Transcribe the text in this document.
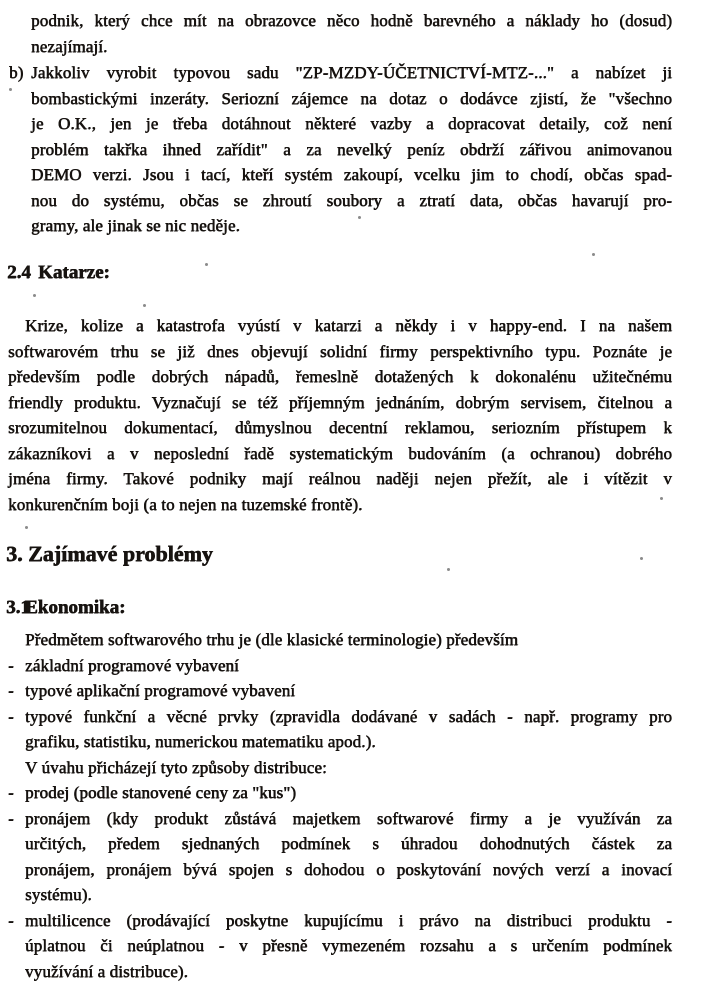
podnik, který chce mít na obrazovce něco hodně barevného a náklady ho (dosud)
nezajímají.
b) Jakkoliv vyrobit typovou sadu "ZP-MZDY-ÚČETNICTVÍ-MTZ-..." a nabízet ji
bombastickými inzeráty. Seriozní zájemce na dotaz o dodávce zjistí, že "všechno
je O.K., jen je třeba dotáhnout některé vazby a dopracovat detaily, což není
problém takřka ihned zařídit" a za nevelký peníz obdrží zářivou animovanou
DEMO verzi. Jsou i tací, kteří systém zakoupí, vcelku jim to chodí, občas spad-
nou do systému, občas se zhroutí soubory a ztratí data, občas havarují pro-
gramy, ale jinak se nic neděje.
2.4 Katarze:
Krize, kolize a katastrofa vyústí v katarzi a někdy i v happy-end. I na našem
softwarovém trhu se již dnes objevují solidní firmy perspektivního typu. Poznáte je
především podle dobrých nápadů, řemeslně dotažených k dokonalénu užitečnému
friendly produktu. Vyznačují se též příjemným jednáním, dobrým servisem, čitelnou a
srozumitelnou dokumentací, důmyslnou decentní reklamou, seriozním přístupem k
zákazníkovi a v neposlední řadě systematickým budováním (a ochranou) dobrého
jména firmy. Takové podniky mají reálnou naději nejen přežít, ale i vítězit v
konkurenčním boji (a to nejen na tuzemské frontě).
3. Zajímavé problémy
3.1
Ekonomika:
Předmětem softwarového trhu je (dle klasické terminologie) především
- základní programové vybavení
- typové aplikační programové vybavení
- typové funkční a věcné prvky (zpravidla dodávané v sadách - např. programy pro
grafiku, statistiku, numerickou matematiku apod.).
V úvahu přicházejí tyto způsoby distribuce:
- prodej (podle stanovené ceny za "kus")
- pronájem (kdy produkt zůstává majetkem softwarové firmy a je využíván za
určitých, předem sjednaných podmínek s úhradou dohodnutých částek za
pronájem, pronájem bývá spojen s dohodou o poskytování nových verzí a inovací
systému).
- multilicence (prodávající poskytne kupujícímu i právo na distribuci produktu -
úplatnou či neúplatnou - v přesně vymezeném rozsahu a s určením podmínek
využívání a distribuce).
